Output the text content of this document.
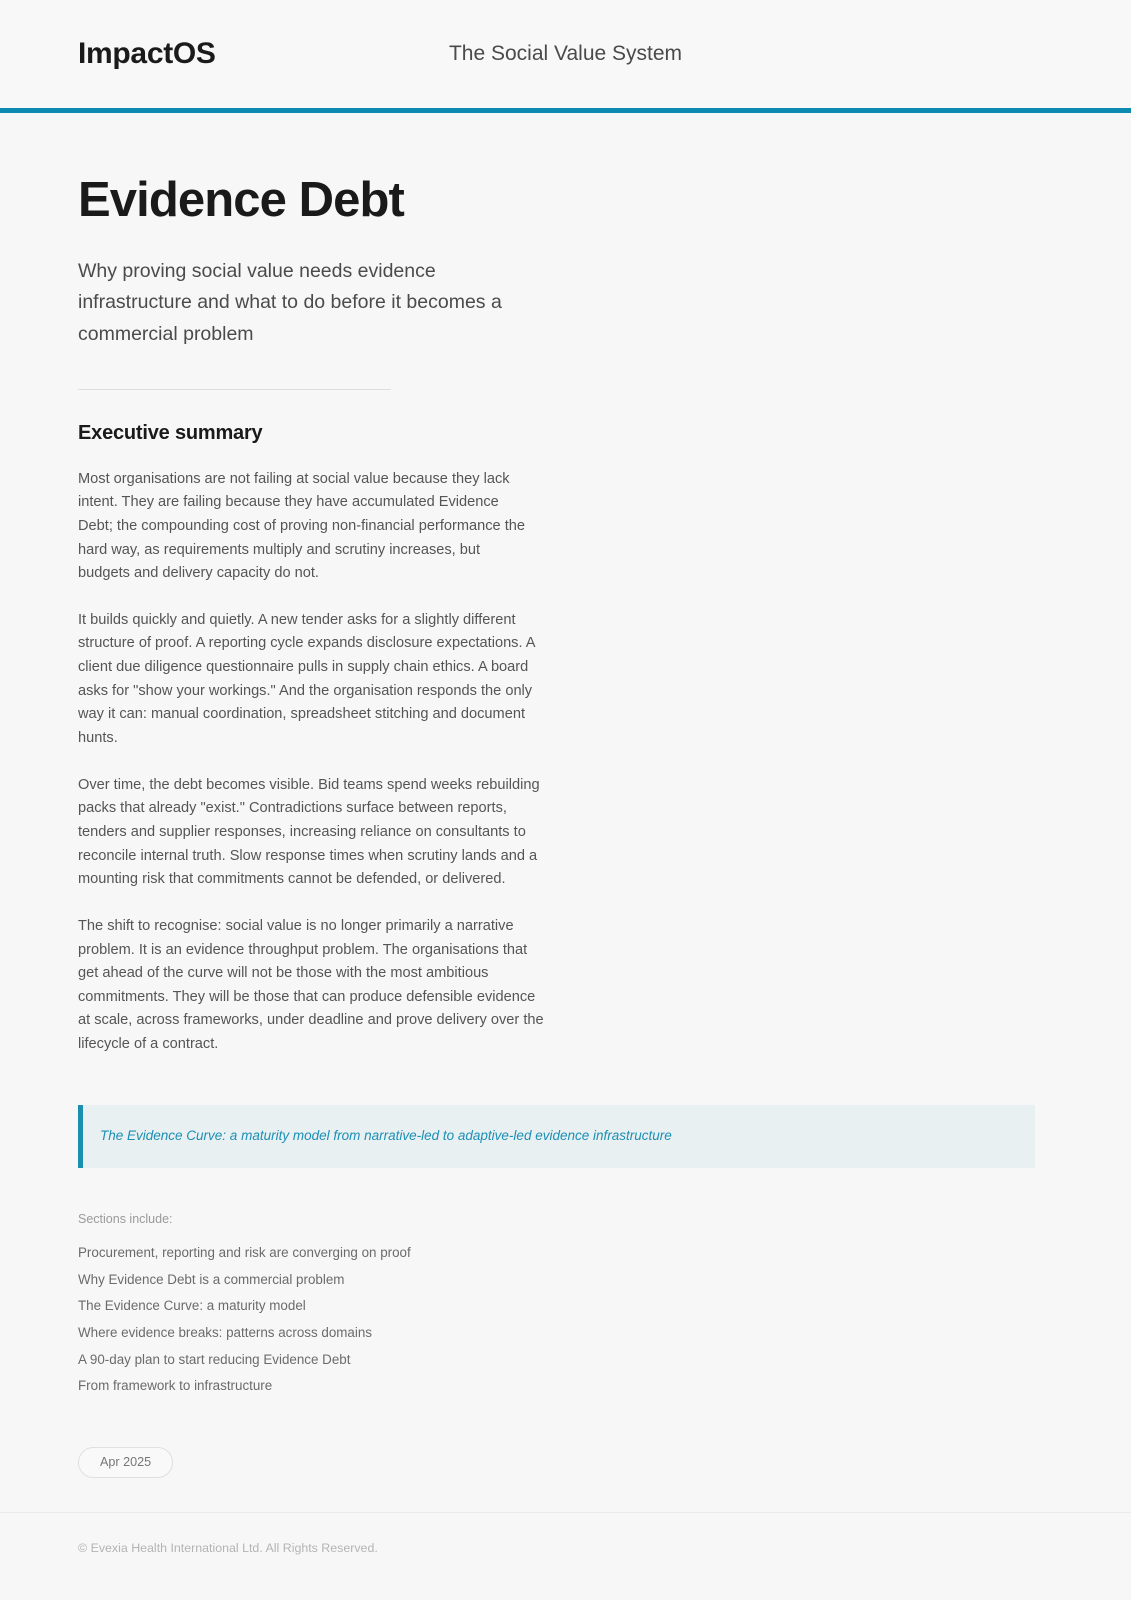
ImpactOS	The Social Value System
Evidence Debt

Why proving social value needs evidence infrastructure and what to do before it becomes a commercial problem

Executive summary

Most organisations are not failing at social value because they lack intent. They are failing because they have accumulated Evidence Debt; the compounding cost of proving non-financial performance the hard way, as requirements multiply and scrutiny increases, but budgets and delivery capacity do not.

It builds quickly and quietly. A new tender asks for a slightly different structure of proof. A reporting cycle expands disclosure expectations. A client due diligence questionnaire pulls in supply chain ethics. A board asks for "show your workings." And the organisation responds the only way it can: manual coordination, spreadsheet stitching and document hunts.

Over time, the debt becomes visible. Bid teams spend weeks rebuilding packs that already "exist." Contradictions surface between reports, tenders and supplier responses, increasing reliance on consultants to reconcile internal truth. Slow response times when scrutiny lands and a mounting risk that commitments cannot be defended, or delivered.

The shift to recognise: social value is no longer primarily a narrative problem. It is an evidence throughput problem. The organisations that get ahead of the curve will not be those with the most ambitious commitments. They will be those that can produce defensible evidence at scale, across frameworks, under deadline and prove delivery over the lifecycle of a contract.

The Evidence Curve: a maturity model from narrative-led to adaptive-led evidence infrastructure
Sections include:
Procurement, reporting and risk are converging on proof
Why Evidence Debt is a commercial problem
The Evidence Curve: a maturity model
Where evidence breaks: patterns across domains
A 90-day plan to start reducing Evidence Debt
From framework to infrastructure
Apr 2025
© Evexia Health International Ltd. All Rights Reserved.
